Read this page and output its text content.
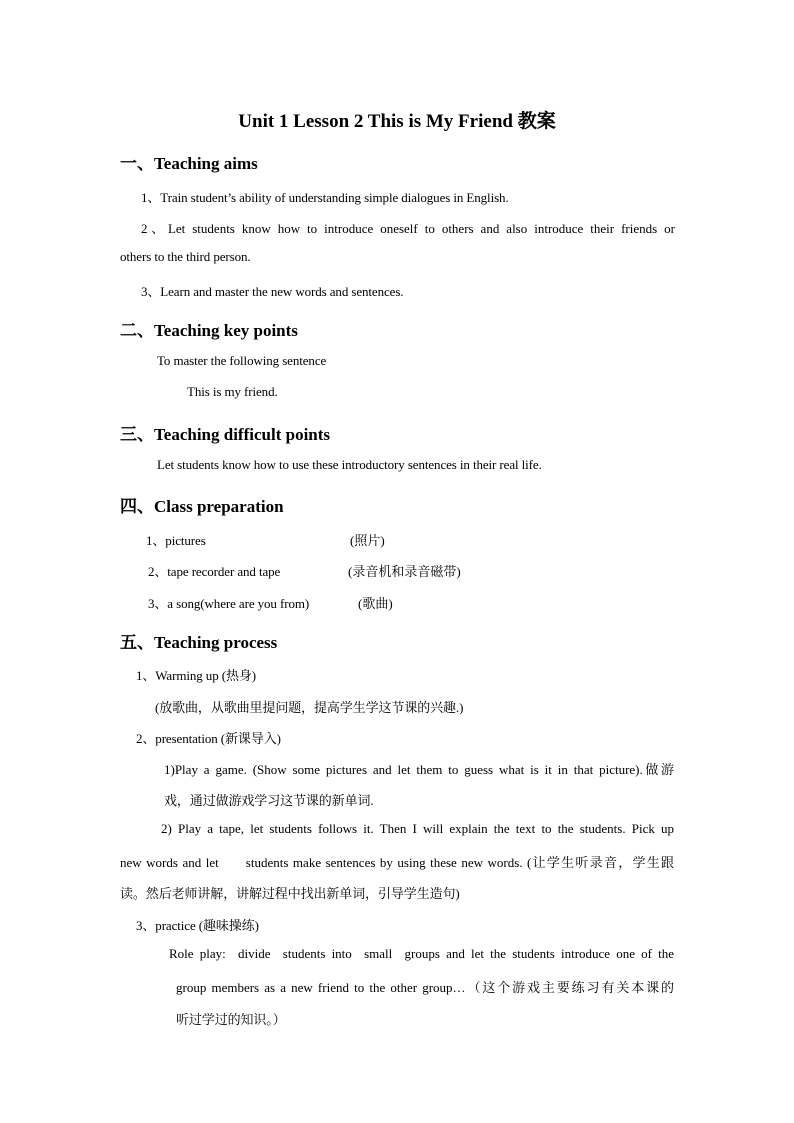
Unit 1 Lesson 2 This is My Friend 教案
一、Teaching aims
1、Train student’s ability of understanding simple dialogues in English.
2、Let students know how to introduce oneself to others and also introduce their friends or
others to the third person.
3、Learn and master the new words and sentences.
二、Teaching key points
To master the following sentence
This is my friend.
三、Teaching difficult points
Let students know how to use these introductory sentences in their real life.
四、Class preparation
1、pictures	(照片)
2、tape recorder and tape	(录音机和录音磁带)
3、a song(where are you from)	(歌曲)
五、Teaching process
1、Warming up (热身)
(放歌曲，从歌曲里提问题，提高学生学这节课的兴趣.)
2、presentation (新课导入)
1)Play a game. (Show some pictures and let them to guess what is it in that picture).做游
戏，通过做游戏学习这节课的新单词.
2) Play a tape, let students follows it. Then I will explain the text to the students. Pick up
new words and let      students make sentences by using these new words. (让学生听录音，学生跟
读。然后老师讲解，讲解过程中找出新单词，引导学生造句)
3、practice (趣味操练)
Role play:  divide  students into  small  groups and let the students introduce one of the
group members as a new friend to the other group…（这个游戏主要练习有关本课的
听过学过的知识。）
